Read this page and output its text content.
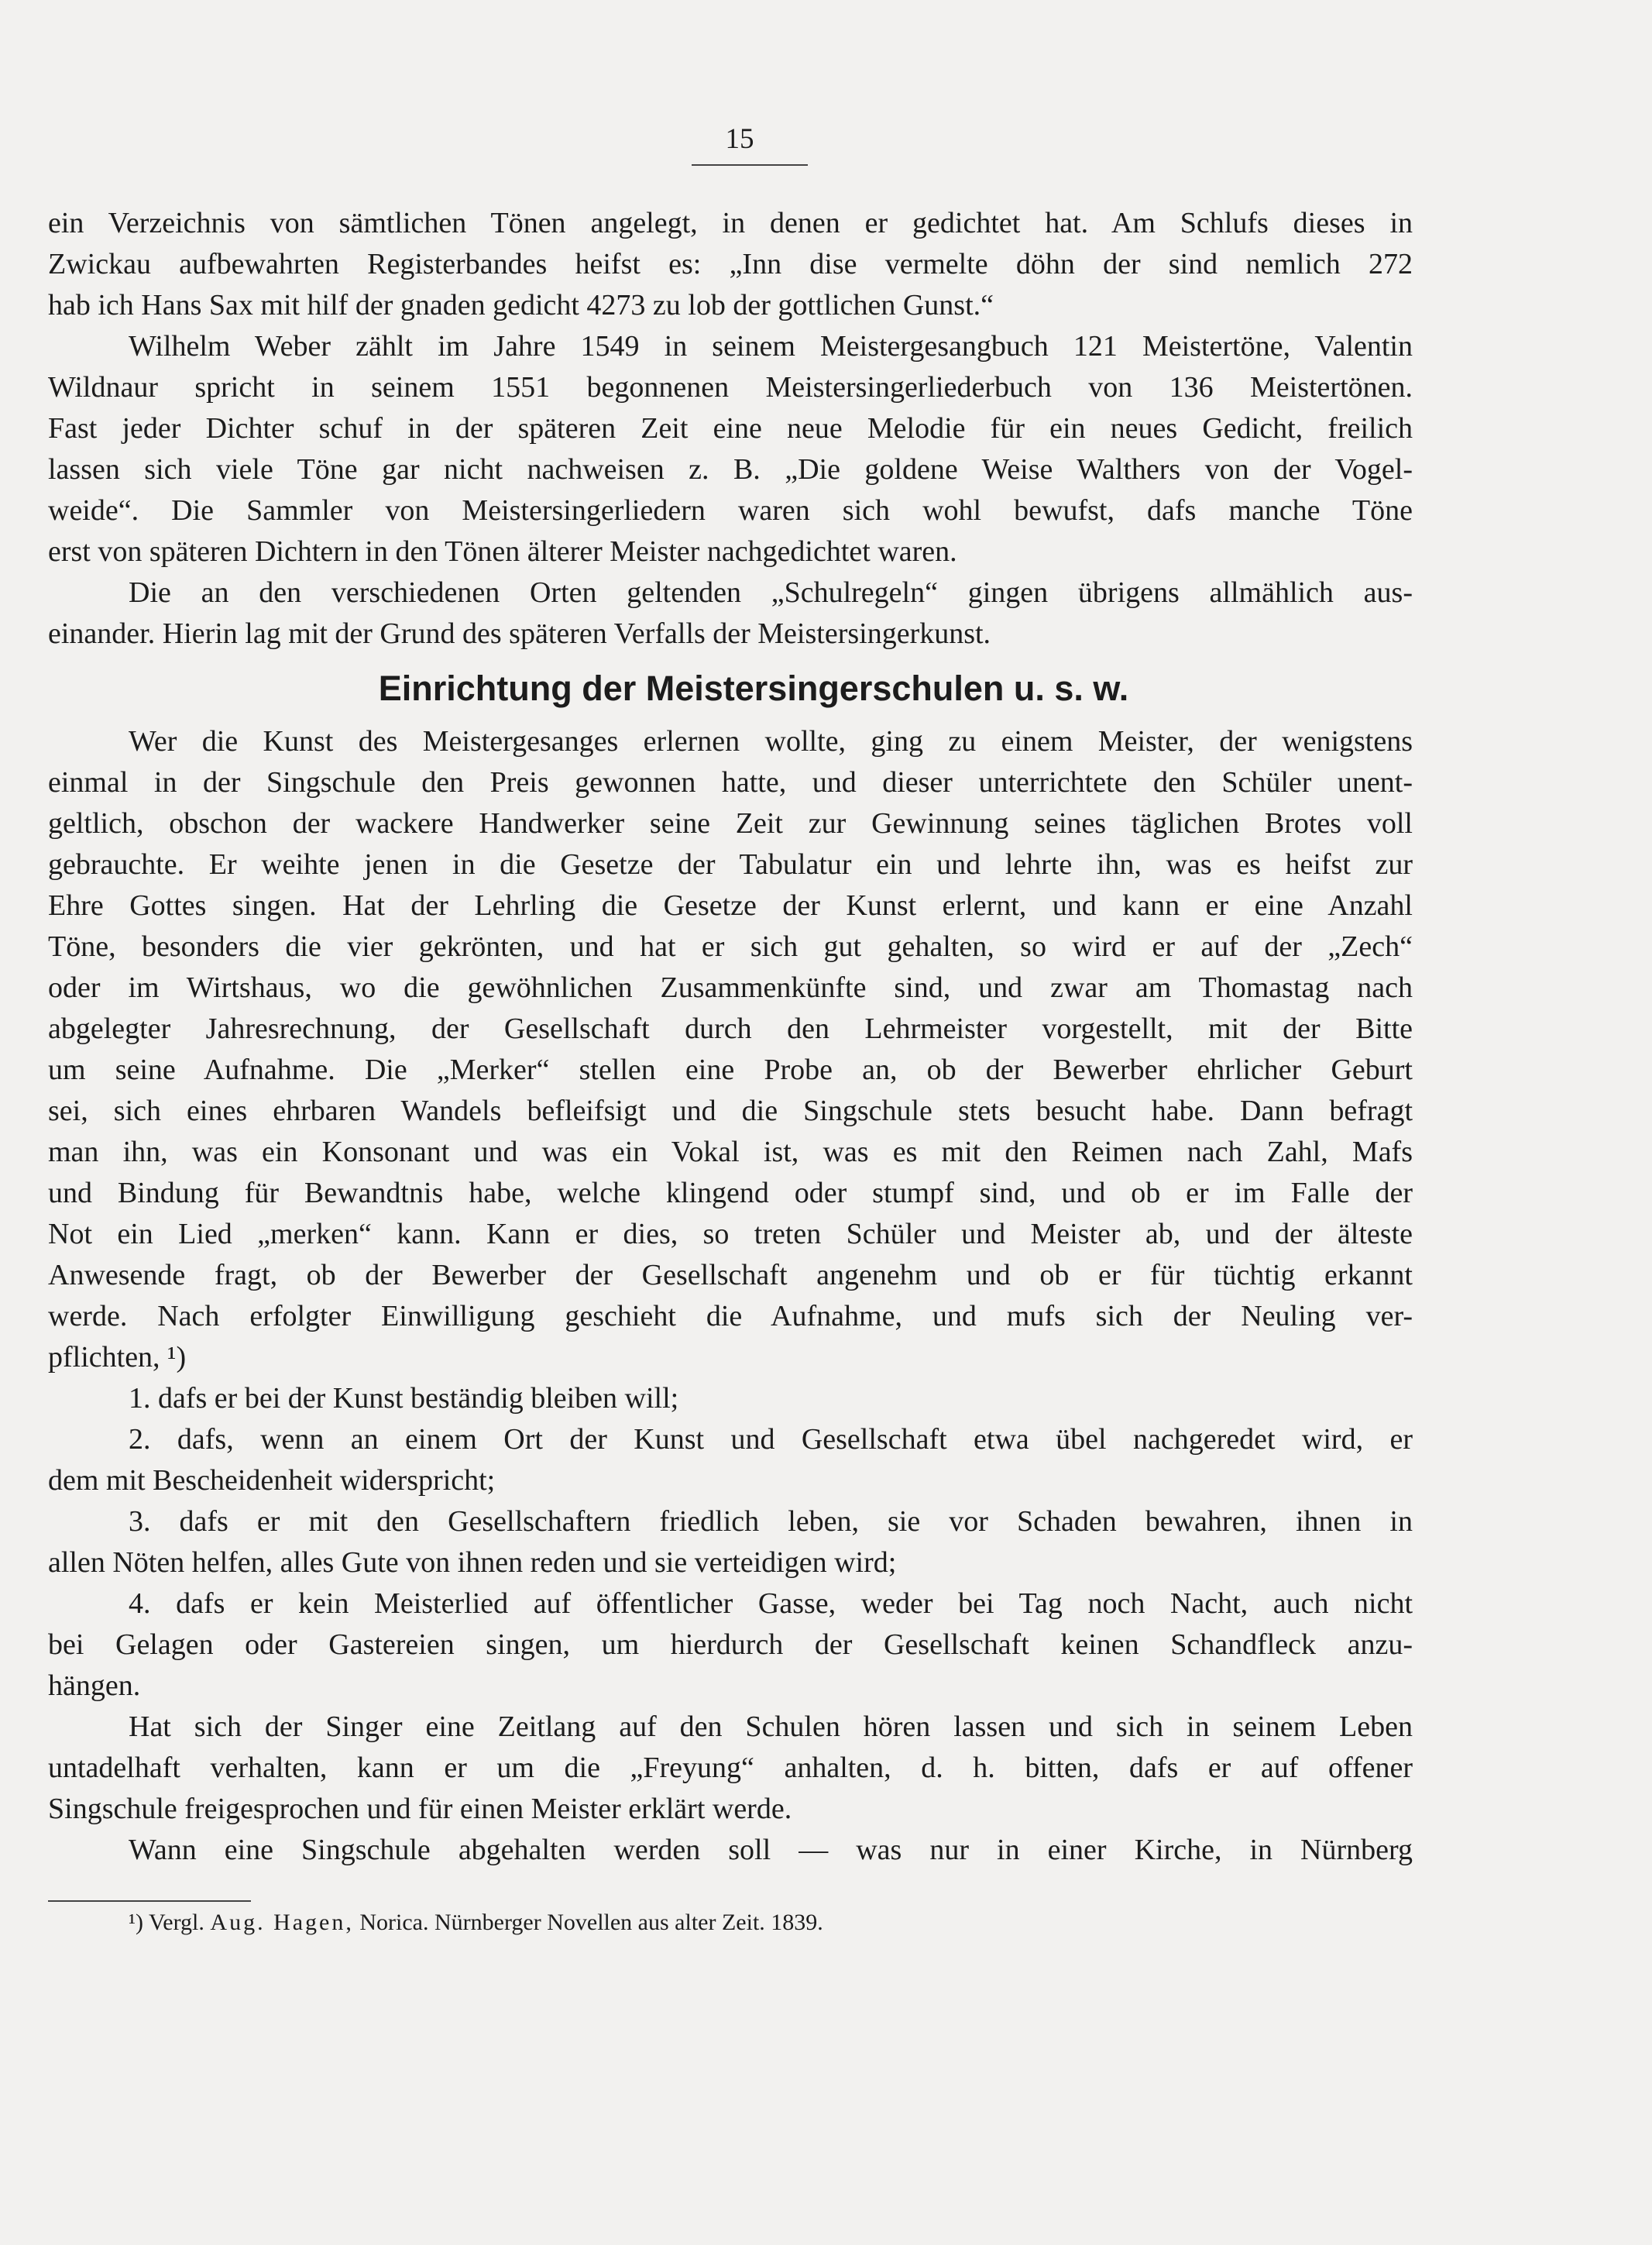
15
ein Verzeichnis von sämtlichen Tönen angelegt, in denen er gedichtet hat. Am Schlufs dieses in
Zwickau aufbewahrten Registerbandes heifst es: „Inn dise vermelte döhn der sind nemlich 272
hab ich Hans Sax mit hilf der gnaden gedicht 4273 zu lob der gottlichen Gunst.“
Wilhelm Weber zählt im Jahre 1549 in seinem Meistergesangbuch 121 Meistertöne, Valentin
Wildnaur spricht in seinem 1551 begonnenen Meistersingerliederbuch von 136 Meistertönen.
Fast jeder Dichter schuf in der späteren Zeit eine neue Melodie für ein neues Gedicht, freilich
lassen sich viele Töne gar nicht nachweisen z. B. „Die goldene Weise Walthers von der Vogel-
weide“. Die Sammler von Meistersingerliedern waren sich wohl bewufst, dafs manche Töne
erst von späteren Dichtern in den Tönen älterer Meister nachgedichtet waren.
Die an den verschiedenen Orten geltenden „Schulregeln“ gingen übrigens allmählich aus-
einander. Hierin lag mit der Grund des späteren Verfalls der Meistersingerkunst.
Einrichtung der Meistersingerschulen u. s. w.
Wer die Kunst des Meistergesanges erlernen wollte, ging zu einem Meister, der wenigstens
einmal in der Singschule den Preis gewonnen hatte, und dieser unterrichtete den Schüler unent-
geltlich, obschon der wackere Handwerker seine Zeit zur Gewinnung seines täglichen Brotes voll
gebrauchte. Er weihte jenen in die Gesetze der Tabulatur ein und lehrte ihn, was es heifst zur
Ehre Gottes singen. Hat der Lehrling die Gesetze der Kunst erlernt, und kann er eine Anzahl
Töne, besonders die vier gekrönten, und hat er sich gut gehalten, so wird er auf der „Zech“
oder im Wirtshaus, wo die gewöhnlichen Zusammenkünfte sind, und zwar am Thomastag nach
abgelegter Jahresrechnung, der Gesellschaft durch den Lehrmeister vorgestellt, mit der Bitte
um seine Aufnahme. Die „Merker“ stellen eine Probe an, ob der Bewerber ehrlicher Geburt
sei, sich eines ehrbaren Wandels befleifsigt und die Singschule stets besucht habe. Dann befragt
man ihn, was ein Konsonant und was ein Vokal ist, was es mit den Reimen nach Zahl, Mafs
und Bindung für Bewandtnis habe, welche klingend oder stumpf sind, und ob er im Falle der
Not ein Lied „merken“ kann. Kann er dies, so treten Schüler und Meister ab, und der älteste
Anwesende fragt, ob der Bewerber der Gesellschaft angenehm und ob er für tüchtig erkannt
werde. Nach erfolgter Einwilligung geschieht die Aufnahme, und mufs sich der Neuling ver-
pflichten, ¹)
1. dafs er bei der Kunst beständig bleiben will;
2. dafs, wenn an einem Ort der Kunst und Gesellschaft etwa übel nachgeredet wird, er
dem mit Bescheidenheit widerspricht;
3. dafs er mit den Gesellschaftern friedlich leben, sie vor Schaden bewahren, ihnen in
allen Nöten helfen, alles Gute von ihnen reden und sie verteidigen wird;
4. dafs er kein Meisterlied auf öffentlicher Gasse, weder bei Tag noch Nacht, auch nicht
bei Gelagen oder Gastereien singen, um hierdurch der Gesellschaft keinen Schandfleck anzu-
hängen.
Hat sich der Singer eine Zeitlang auf den Schulen hören lassen und sich in seinem Leben
untadelhaft verhalten, kann er um die „Freyung“ anhalten, d. h. bitten, dafs er auf offener
Singschule freigesprochen und für einen Meister erklärt werde.
Wann eine Singschule abgehalten werden soll — was nur in einer Kirche, in Nürnberg
¹) Vergl. Aug. Hagen, Norica. Nürnberger Novellen aus alter Zeit. 1839.
